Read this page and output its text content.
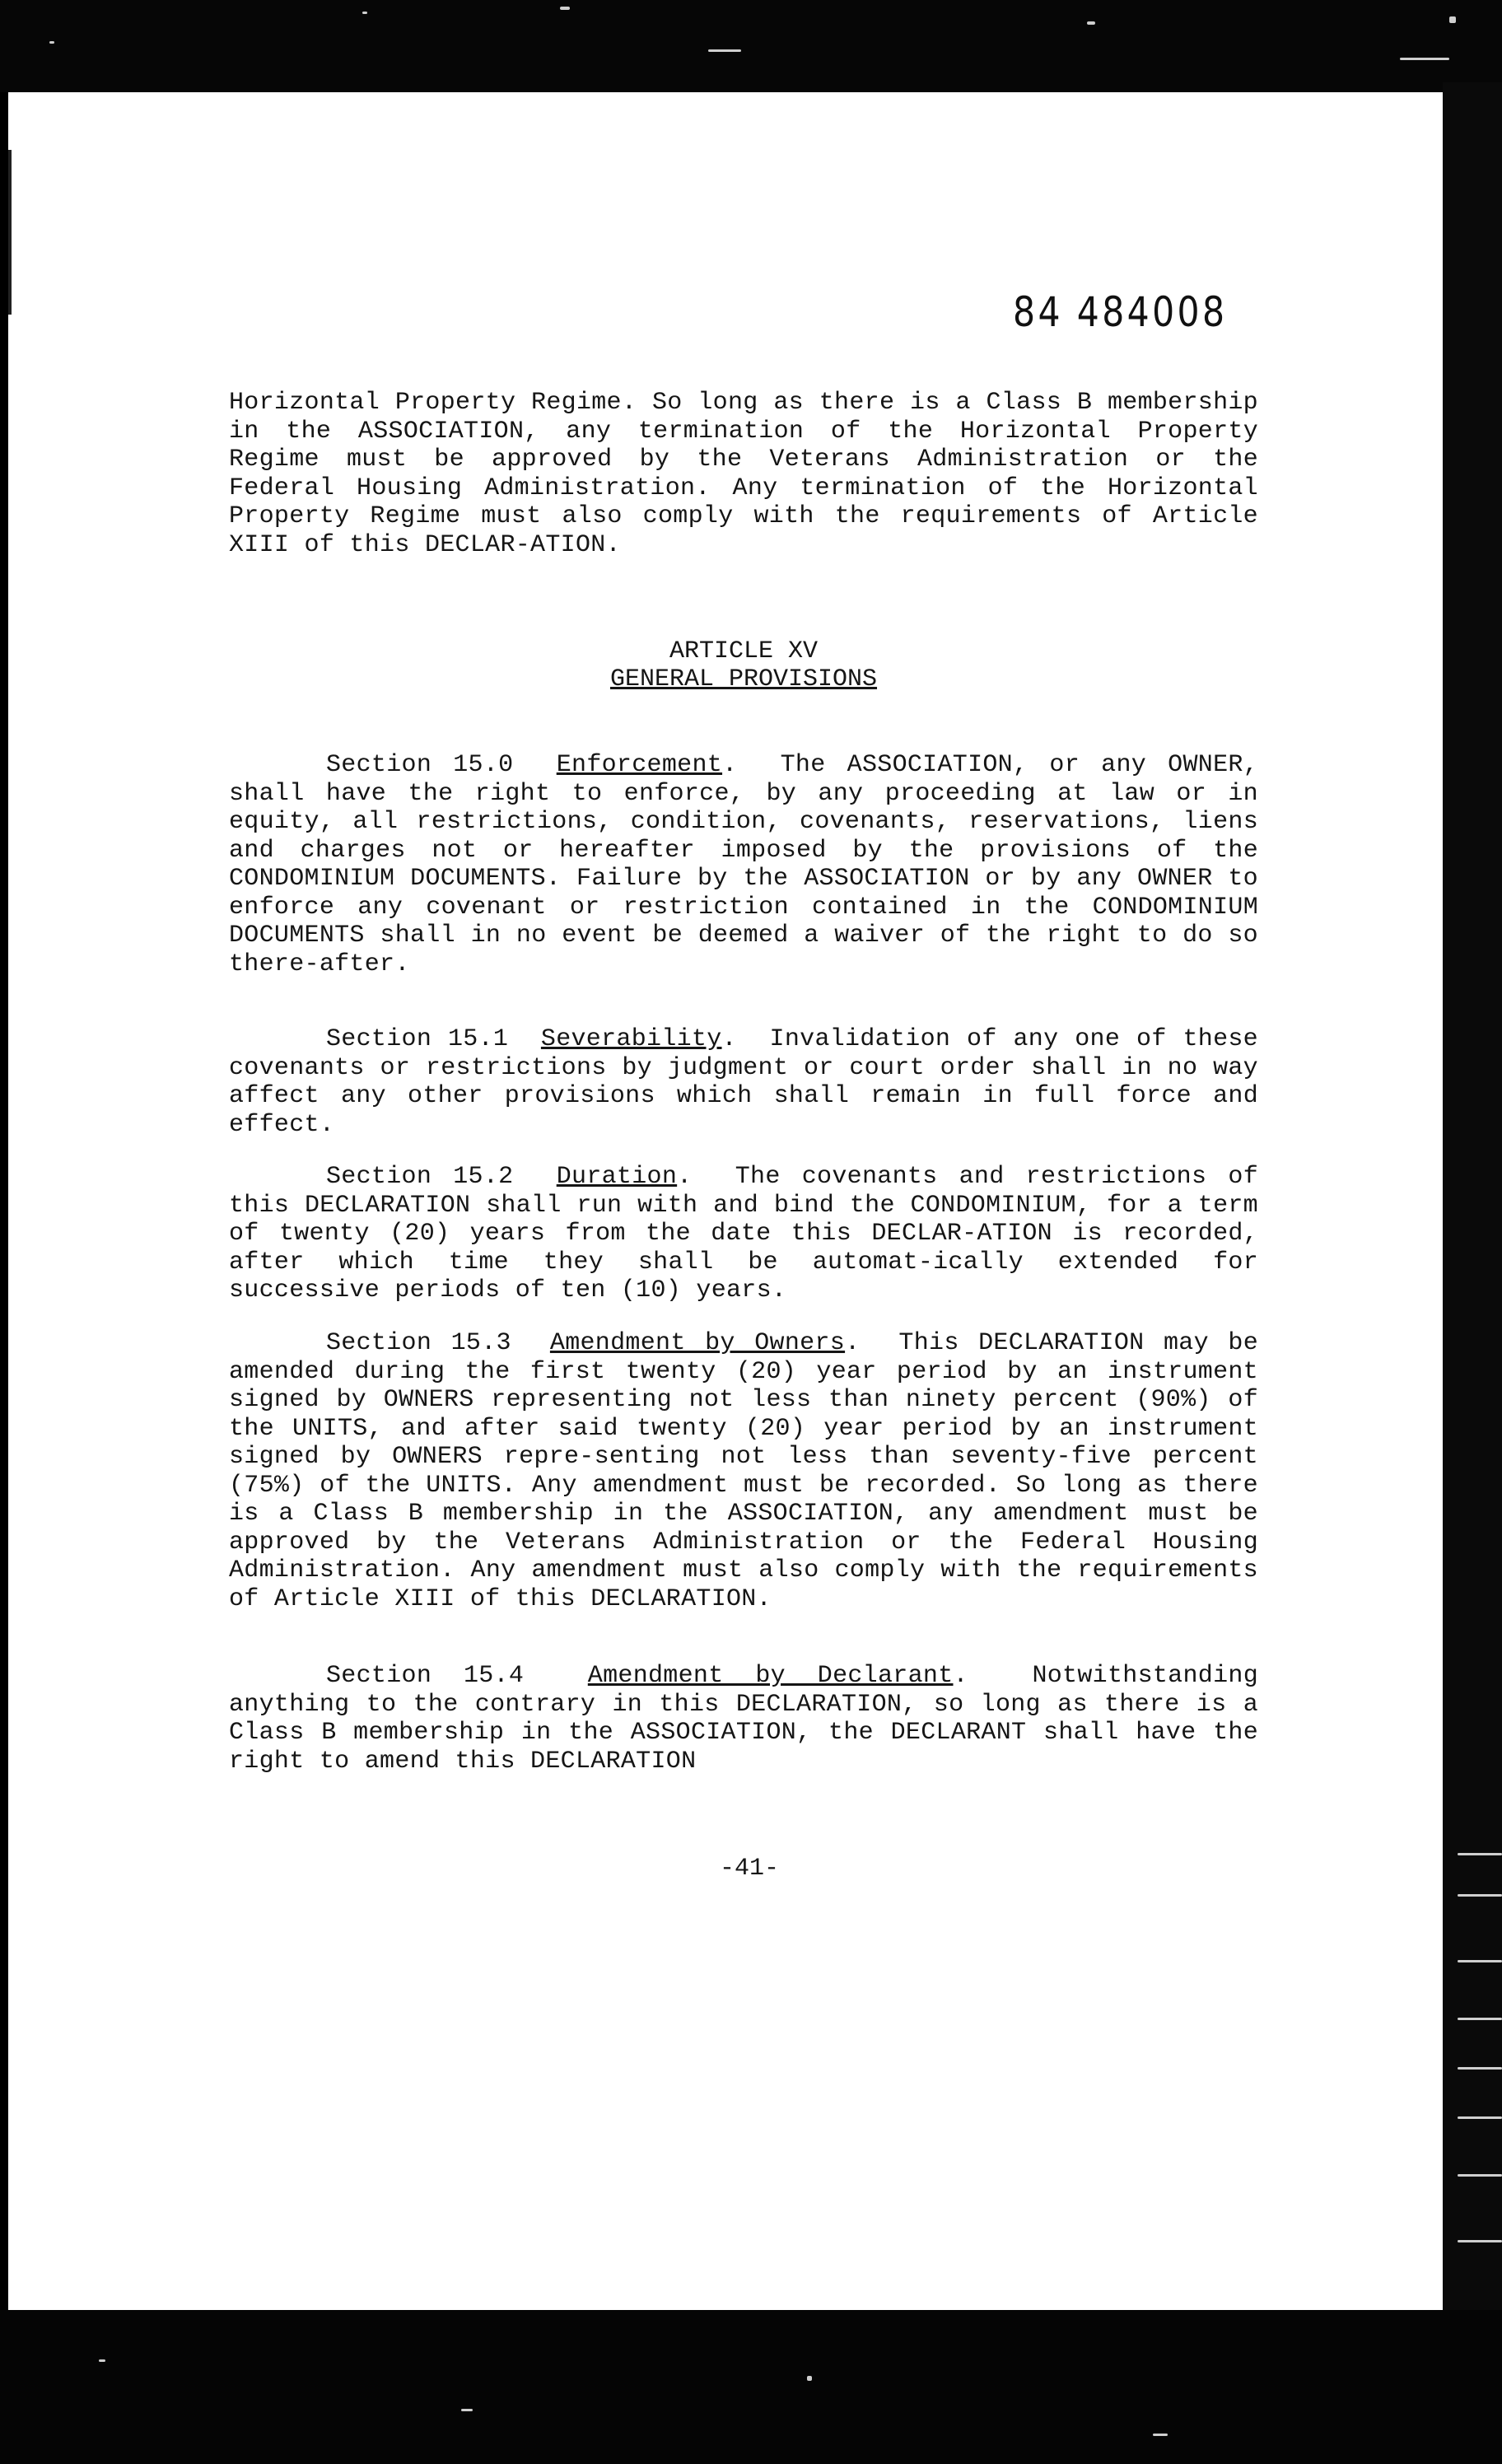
84 484008
Horizontal Property Regime. So long as there is a Class B membership in the ASSOCIATION, any termination of the Horizontal Property Regime must be approved by the Veterans Administration or the Federal Housing Administration. Any termination of the Horizontal Property Regime must also comply with the requirements of Article XIII of this DECLAR-ATION.
ARTICLE XV
GENERAL PROVISIONS
Section 15.0 Enforcement.  The ASSOCIATION, or any OWNER, shall have the right to enforce, by any proceeding at law or in equity, all restrictions, condition, covenants, reservations, liens and charges not or hereafter imposed by the provisions of the CONDOMINIUM DOCUMENTS. Failure by the ASSOCIATION or by any OWNER to enforce any covenant or restriction contained in the CONDOMINIUM DOCUMENTS shall in no event be deemed a waiver of the right to do so there-after.
Section 15.1 Severability.  Invalidation of any one of these covenants or restrictions by judgment or court order shall in no way affect any other provisions which shall remain in full force and effect.
Section 15.2 Duration.  The covenants and restrictions of this DECLARATION shall run with and bind the CONDOMINIUM, for a term of twenty (20) years from the date this DECLAR-ATION is recorded, after which time they shall be automat-ically extended for successive periods of ten (10) years.
Section 15.3 Amendment by Owners.  This DECLARATION may be amended during the first twenty (20) year period by an instrument signed by OWNERS representing not less than ninety percent (90%) of the UNITS, and after said twenty (20) year period by an instrument signed by OWNERS repre-senting not less than seventy-five percent (75%) of the UNITS. Any amendment must be recorded. So long as there is a Class B membership in the ASSOCIATION, any amendment must be approved by the Veterans Administration or the Federal Housing Administration. Any amendment must also comply with the requirements of Article XIII of this DECLARATION.
Section 15.4	Amendment by Declarant.  Notwithstanding anything to the contrary in this DECLARATION, so long as there is a Class B membership in the ASSOCIATION, the DECLARANT shall have the right to amend this DECLARATION
-41-
